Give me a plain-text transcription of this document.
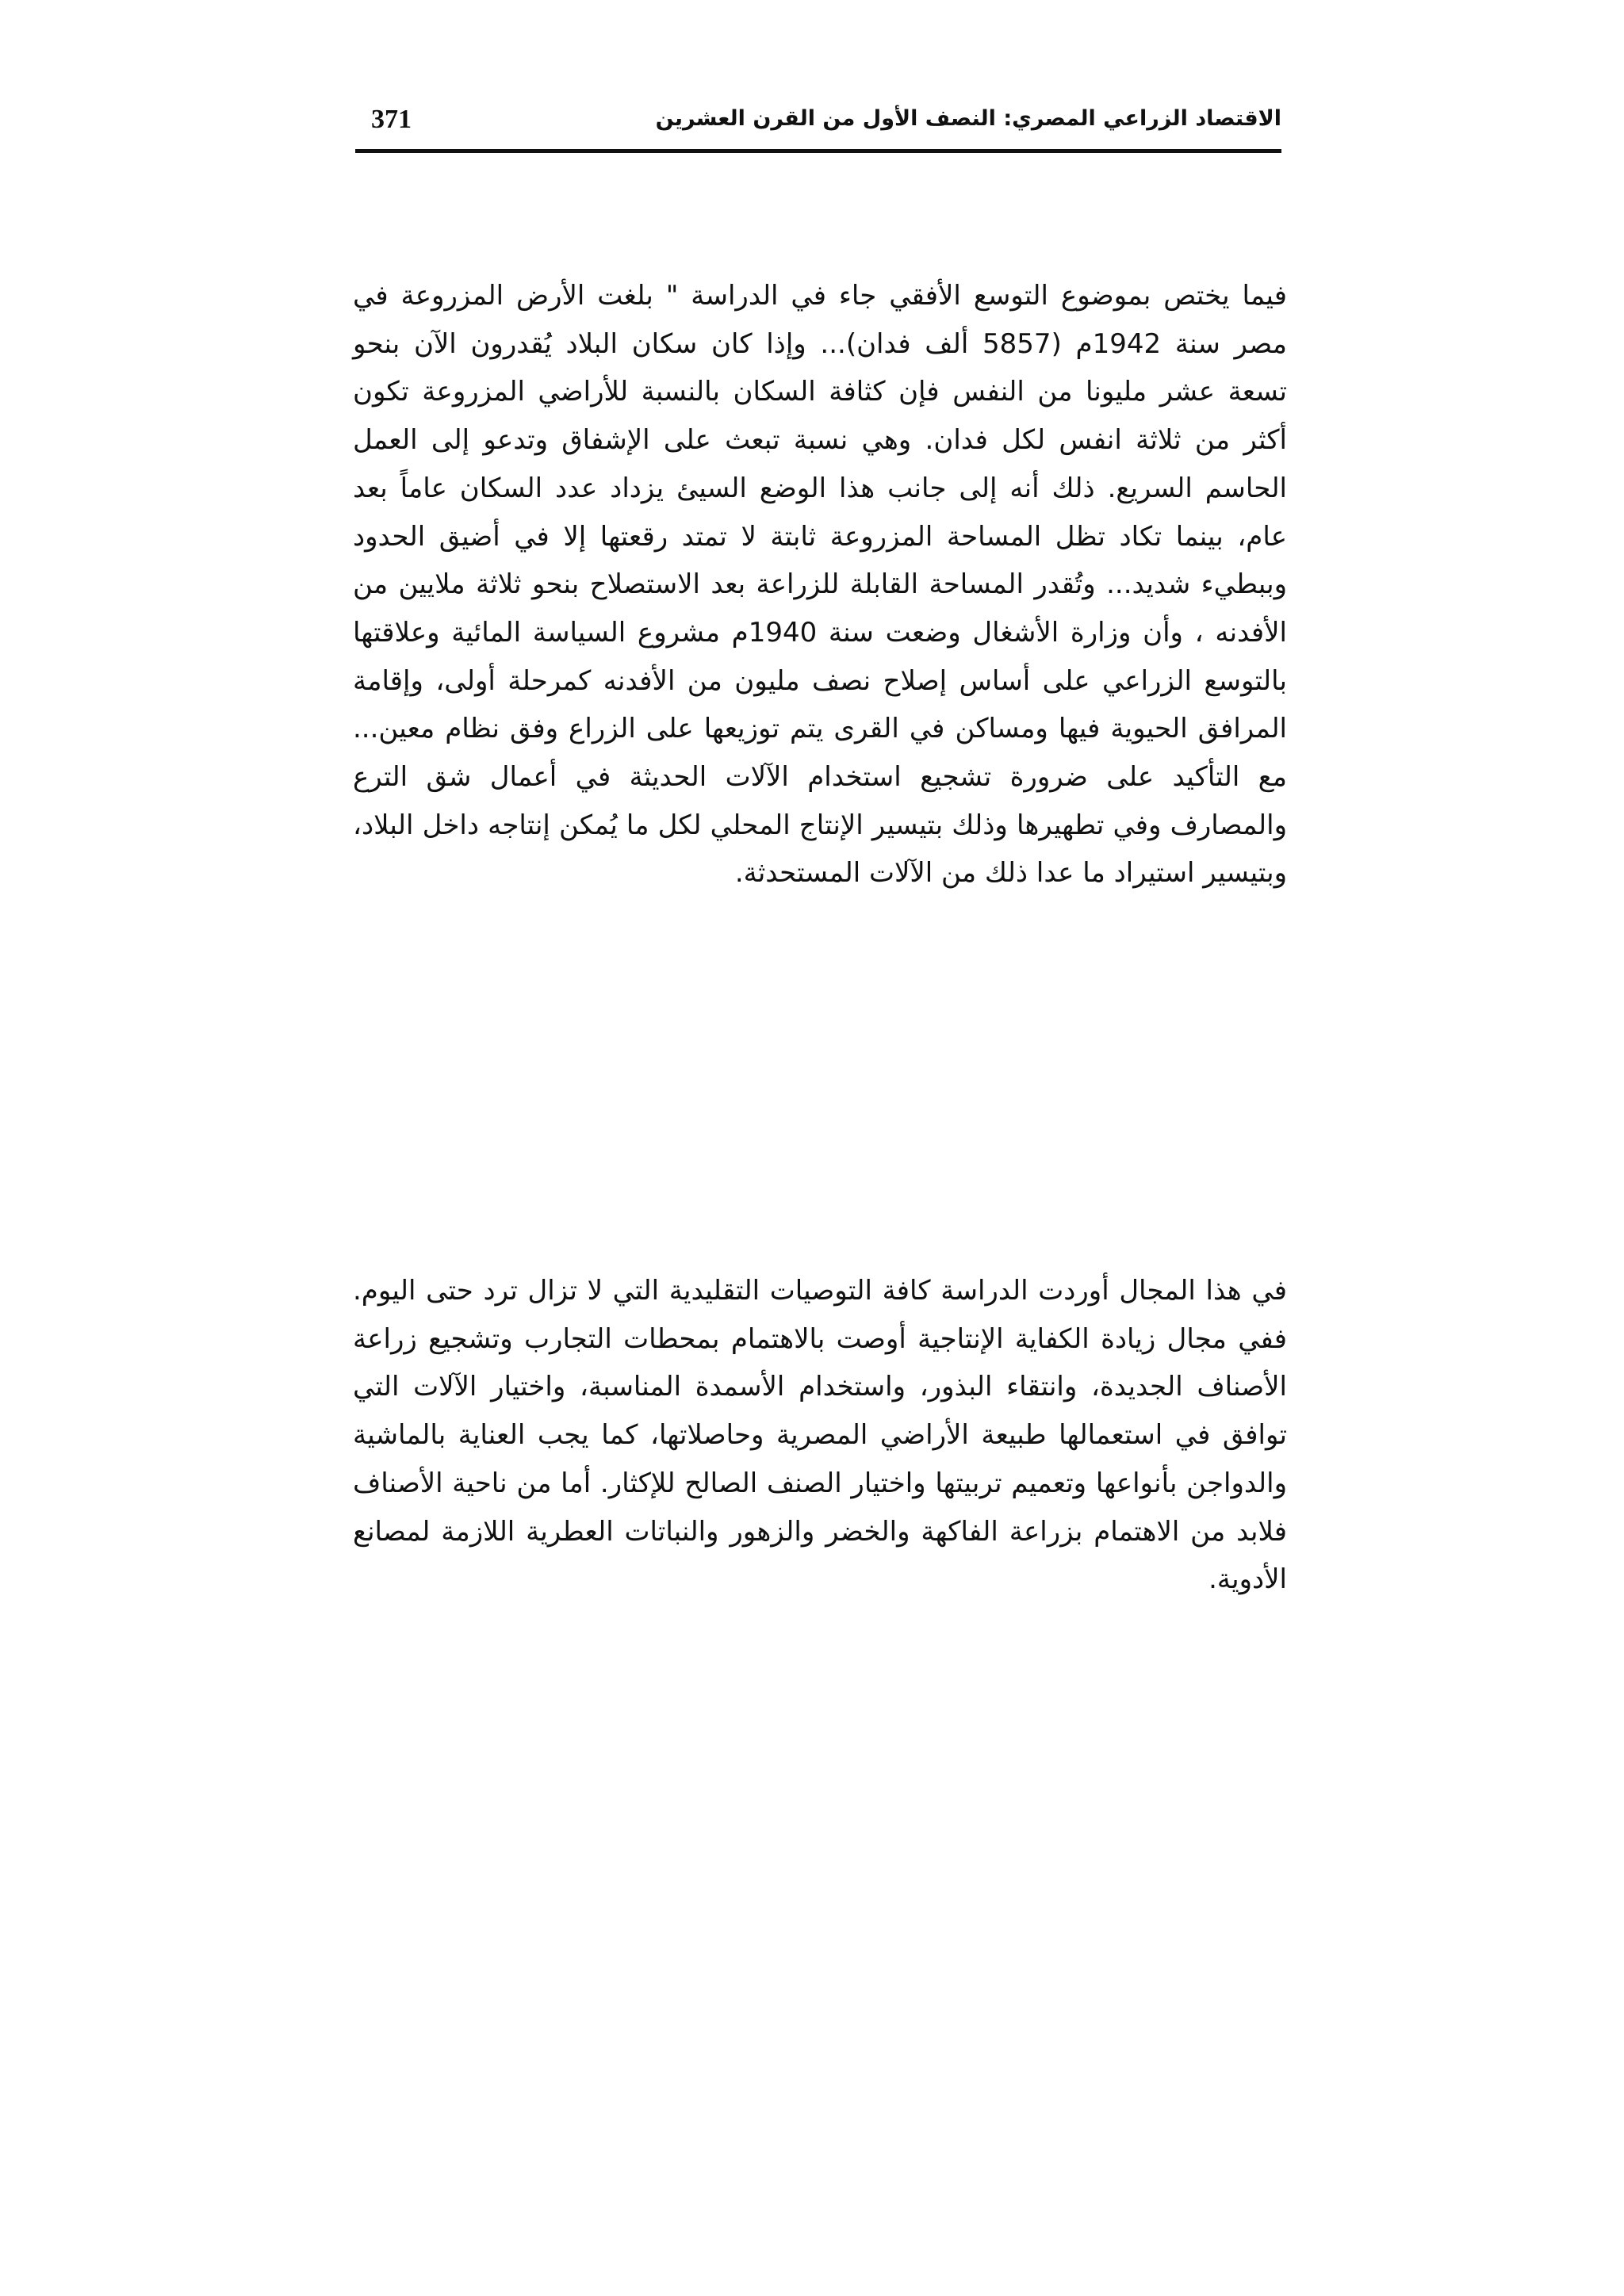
371	الاقتصاد الزراعي المصري: النصف الأول من القرن العشرين

فيما يختص بموضوع التوسع الأفقي جاء في الدراسة " بلغت الأرض المزروعة في مصر سنة 1942م (5857 ألف فدان)... وإذا كان سكان البلاد يُقدرون الآن بنحو تسعة عشر مليونا من النفس فإن كثافة السكان بالنسبة للأراضي المزروعة تكون أكثر من ثلاثة انفس لكل فدان. وهي نسبة تبعث على الإشفاق وتدعو إلى العمل الحاسم السريع. ذلك أنه إلى جانب هذا الوضع السيئ يزداد عدد السكان عاماً بعد عام، بينما تكاد تظل المساحة المزروعة ثابتة لا تمتد رقعتها إلا في أضيق الحدود وببطيء شديد... وتُقدر المساحة القابلة للزراعة بعد الاستصلاح بنحو ثلاثة ملايين من الأفدنه ، وأن وزارة الأشغال وضعت سنة 1940م مشروع السياسة المائية وعلاقتها بالتوسع الزراعي على أساس إصلاح نصف مليون من الأفدنه كمرحلة أولى، وإقامة المرافق الحيوية فيها ومساكن في القرى يتم توزيعها على الزراع وفق نظام معين... مع التأكيد على ضرورة تشجيع استخدام الآلات الحديثة في أعمال شق الترع والمصارف وفي تطهيرها وذلك بتيسير الإنتاج المحلي لكل ما يُمكن إنتاجه داخل البلاد، وبتيسير استيراد ما عدا ذلك من الآلات المستحدثة.

في هذا المجال أوردت الدراسة كافة التوصيات التقليدية التي لا تزال ترد حتى اليوم. ففي مجال زيادة الكفاية الإنتاجية أوصت بالاهتمام بمحطات التجارب وتشجيع زراعة الأصناف الجديدة، وانتقاء البذور، واستخدام الأسمدة المناسبة، واختيار الآلات التي توافق في استعمالها طبيعة الأراضي المصرية وحاصلاتها، كما يجب العناية بالماشية والدواجن بأنواعها وتعميم تربيتها واختيار الصنف الصالح للإكثار. أما من ناحية الأصناف فلابد من الاهتمام بزراعة الفاكهة والخضر والزهور والنباتات العطرية اللازمة لمصانع الأدوية.
